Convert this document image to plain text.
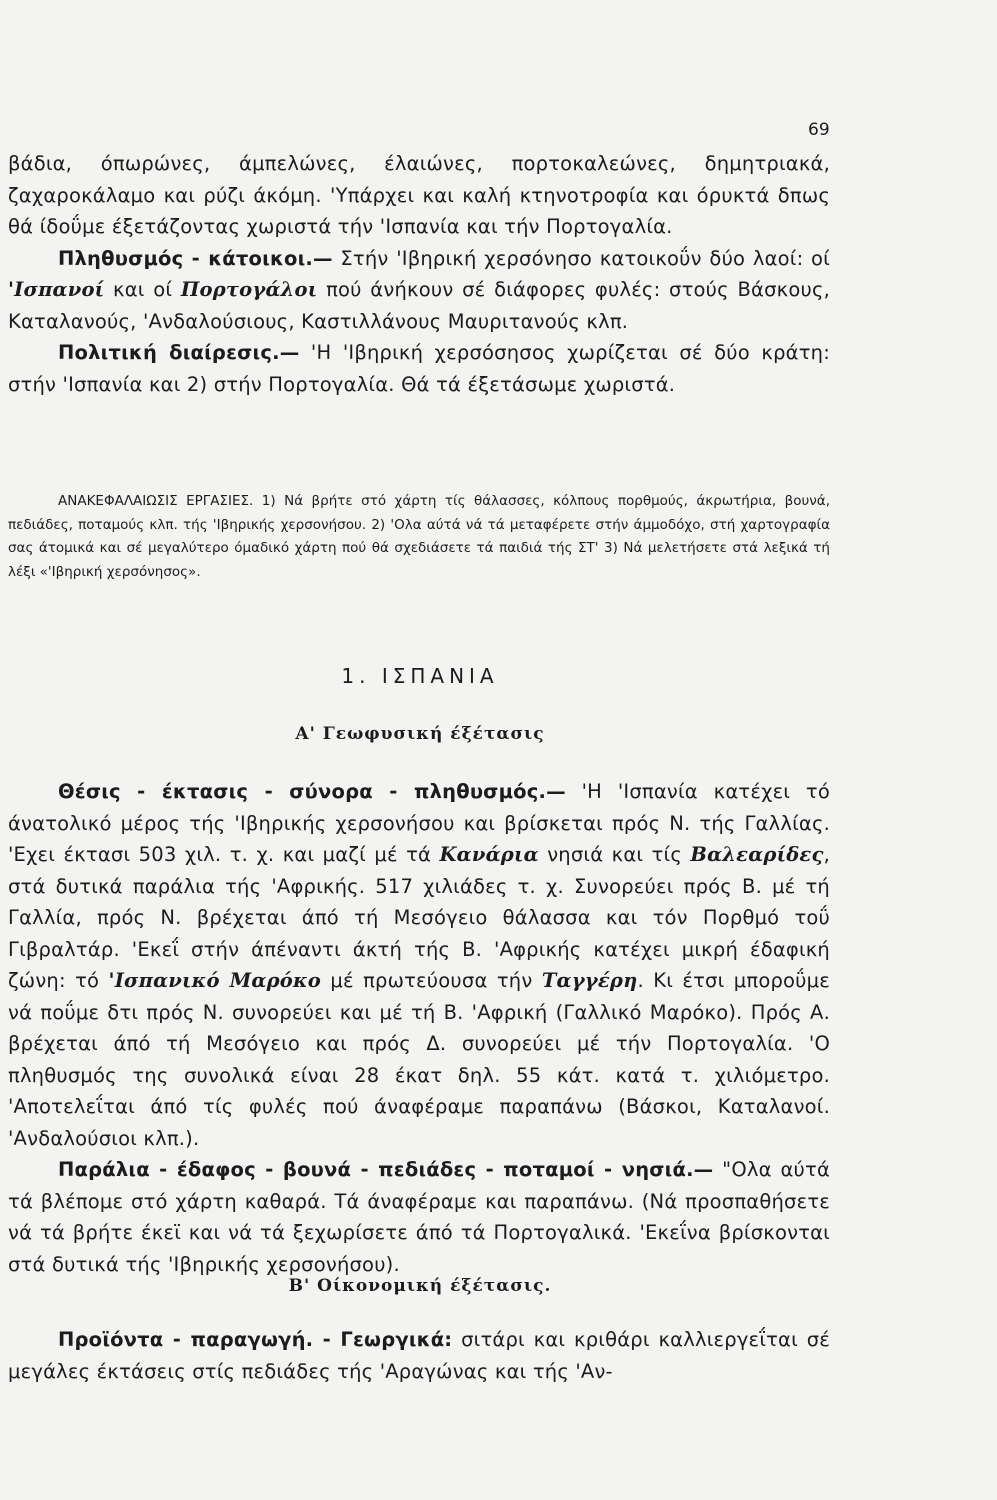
69

βάδια, όπωρώνες, άμπελώνες, έλαιώνες, πορτοκαλεώνες, δημητριακά, ζαχαροκάλαμο και ρύζι άκόμη. 'Υπάρχει και καλή κτηνοτροφία και όρυκτά δπως θά ίδοΰμε έξετάζοντας χωριστά τήν 'Ισπανία και τήν Πορτογαλία.

Πληθυσμός - κάτοικοι.— Στήν 'Ιβηρική χερσόνησο κατοικοΰν δύο λαοί: οί 'Ισπανοί και οί Πορτογάλοι πού άνήκουν σέ διάφορες φυλές: στούς Βάσκους, Καταλανούς, 'Ανδαλούσιους, Καστιλλάνους Μαυριτανούς κλπ.

Πολιτική διαίρεσις.— 'Η 'Ιβηρική χερσόσησος χωρίζεται σέ δύο κράτη: στήν 'Ισπανία και 2) στήν Πορτογαλία. Θά τά έξετάσωμε χωριστά.

ΑΝΑΚΕΦΑΛΑΙΩΣΙΣ ΕΡΓΑΣΙΕΣ. 1) Νά βρήτε στό χάρτη τίς θάλασσες, κόλπους πορθμούς, άκρωτήρια, βουνά, πεδιάδες, ποταμούς κλπ. τής 'Ιβηρικής χερσονήσου. 2) 'Ολα αύτά νά τά μεταφέρετε στήν άμμοδόχο, στή χαρτογραφία σας άτομικά και σέ μεγαλύτερο όμαδικό χάρτη πού θά σχεδιάσετε τά παιδιά τής ΣΤ' 3) Νά μελετήσετε στά λεξικά τή λέξι «'Ιβηρική χερσόνησος».

1. ΙΣΠΑΝΙΑ
Α' Γεωφυσική έξέτασις

Θέσις - έκτασις - σύνορα - πληθυσμός.— 'Η 'Ισπανία κατέχει τό άνατολικό μέρος τής 'Ιβηρικής χερσονήσου και βρίσκεται πρός Ν. τής Γαλλίας. 'Εχει έκτασι 503 χιλ. τ. χ. και μαζί μέ τά Κανάρια νησιά και τίς Βαλεαρίδες, στά δυτικά παράλια τής 'Αφρικής. 517 χιλιάδες τ. χ. Συνορεύει πρός Β. μέ τή Γαλλία, πρός Ν. βρέχεται άπό τή Μεσόγειο θάλασσα και τόν Πορθμό τοΰ Γιβραλτάρ. 'Εκεΐ στήν άπέναντι άκτή τής Β. 'Αφρικής κατέχει μικρή έδαφική ζώνη: τό 'Ισπανικό Μαρόκο μέ πρωτεύουσα τήν Ταγγέρη. Κι έτσι μποροΰμε νά ποΰμε δτι πρός Ν. συνορεύει και μέ τή Β. 'Αφρική (Γαλλικό Μαρόκο). Πρός Α. βρέχεται άπό τή Μεσόγειο και πρός Δ. συνορεύει μέ τήν Πορτογαλία. 'Ο πληθυσμός της συνολικά είναι 28 έκατ δηλ. 55 κάτ. κατά τ. χιλιόμετρο. 'Αποτελεΐται άπό τίς φυλές πού άναφέραμε παραπάνω (Βάσκοι, Καταλανοί. 'Ανδαλούσιοι κλπ.).

Παράλια - έδαφος - βουνά - πεδιάδες - ποταμοί - νησιά.— "Ολα αύτά τά βλέπομε στό χάρτη καθαρά. Τά άναφέραμε και παραπάνω. (Νά προσπαθήσετε νά τά βρήτε έκεϊ και νά τά ξεχωρίσετε άπό τά Πορτογαλικά. 'Εκεΐνα βρίσκονται στά δυτικά τής 'Ιβηρικής χερσονήσου).

Β' Οίκονομική έξέτασις.

Προϊόντα - παραγωγή. - Γεωργικά: σιτάρι και κριθάρι καλλιεργεΐται σέ μεγάλες έκτάσεις στίς πεδιάδες τής 'Αραγώνας και τής 'Αν-
